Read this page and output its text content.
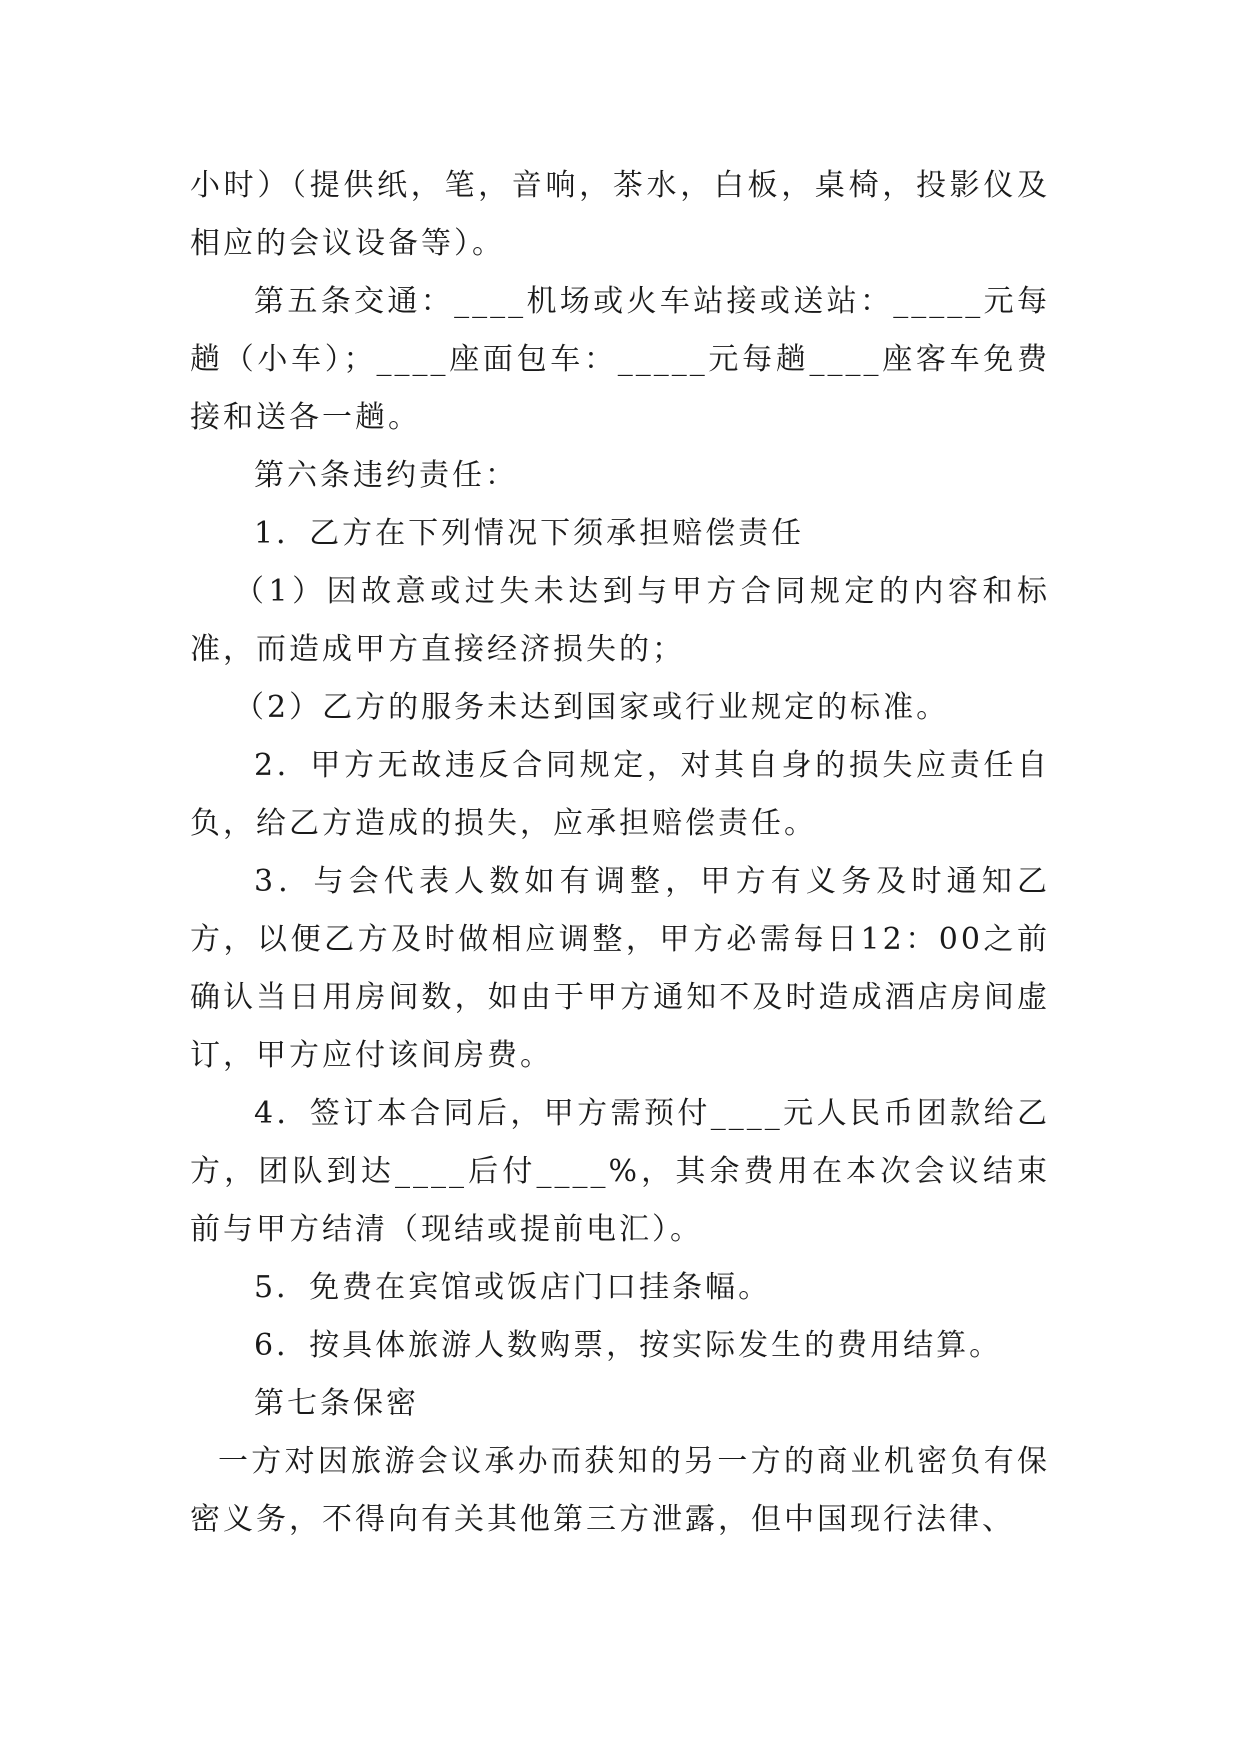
小时）（提供纸，笔，音响，茶水，白板，桌椅，投影仪及相应的会议设备等）。

第五条交通：____机场或火车站接或送站：_____元每趟（小车）；____座面包车：_____元每趟____座客车免费接和送各一趟。

第六条违约责任：

1．乙方在下列情况下须承担赔偿责任

（1）因故意或过失未达到与甲方合同规定的内容和标准，而造成甲方直接经济损失的；

（2）乙方的服务未达到国家或行业规定的标准。

2．甲方无故违反合同规定，对其自身的损失应责任自负，给乙方造成的损失，应承担赔偿责任。

3．与会代表人数如有调整，甲方有义务及时通知乙方，以便乙方及时做相应调整，甲方必需每日12：00之前确认当日用房间数，如由于甲方通知不及时造成酒店房间虚订，甲方应付该间房费。

4．签订本合同后，甲方需预付____元人民币团款给乙方，团队到达____后付____%，其余费用在本次会议结束前与甲方结清（现结或提前电汇）。

5．免费在宾馆或饭店门口挂条幅。

6．按具体旅游人数购票，按实际发生的费用结算。

第七条保密

一方对因旅游会议承办而获知的另一方的商业机密负有保密义务，不得向有关其他第三方泄露，但中国现行法律、
